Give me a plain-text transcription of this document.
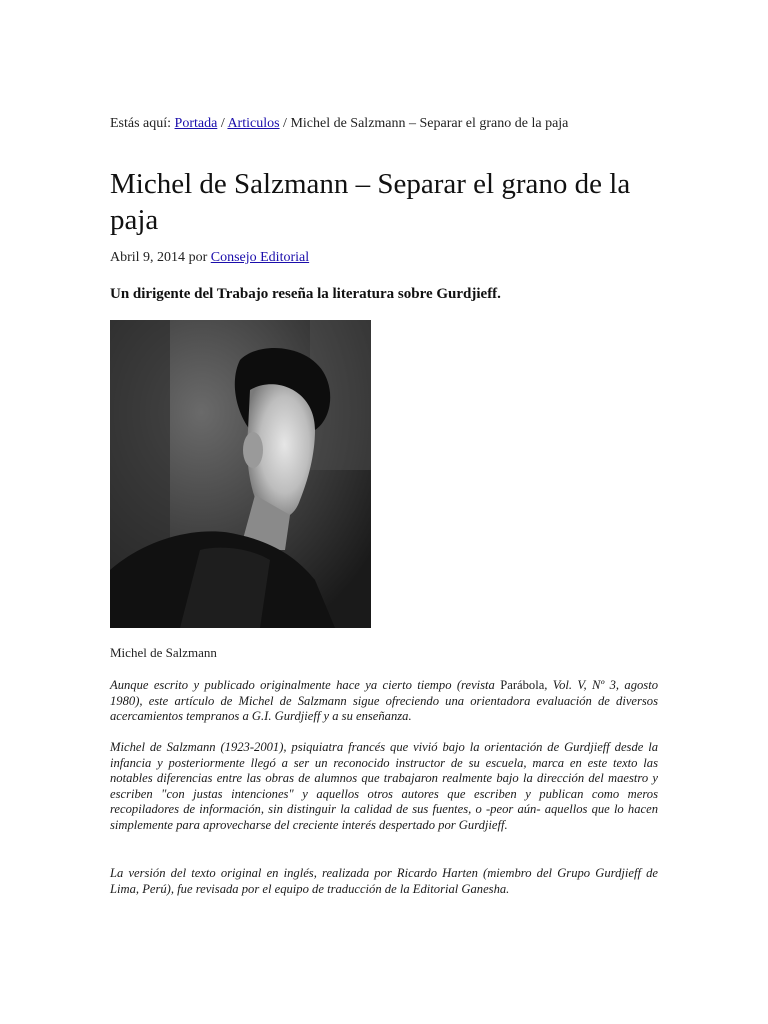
Estás aquí: Portada / Articulos / Michel de Salzmann – Separar el grano de la paja
Michel de Salzmann – Separar el grano de la paja
Abril 9, 2014 por Consejo Editorial
Un dirigente del Trabajo reseña la literatura sobre Gurdjieff.
Michel de Salzmann

Aunque escrito y publicado originalmente hace ya cierto tiempo (revista Parábola, Vol. V, Nº 3, agosto 1980), este artículo de Michel de Salzmann sigue ofreciendo una orientadora evaluación de diversos acercamientos tempranos a G.I. Gurdjieff y a su enseñanza.

Michel de Salzmann (1923-2001), psiquiatra francés que vivió bajo la orientación de Gurdjieff desde la infancia y posteriormente llegó a ser un reconocido instructor de su escuela, marca en este texto las notables diferencias entre las obras de alumnos que trabajaron realmente bajo la dirección del maestro y escriben "con justas intenciones" y aquellos otros autores que escriben y publican como meros recopiladores de información, sin distinguir la calidad de sus fuentes, o -peor aún- aquellos que lo hacen simplemente para aprovecharse del creciente interés despertado por Gurdjieff.

La versión del texto original en inglés, realizada por Ricardo Harten (miembro del Grupo Gurdjieff de Lima, Perú), fue revisada por el equipo de traducción de la Editorial Ganesha.
